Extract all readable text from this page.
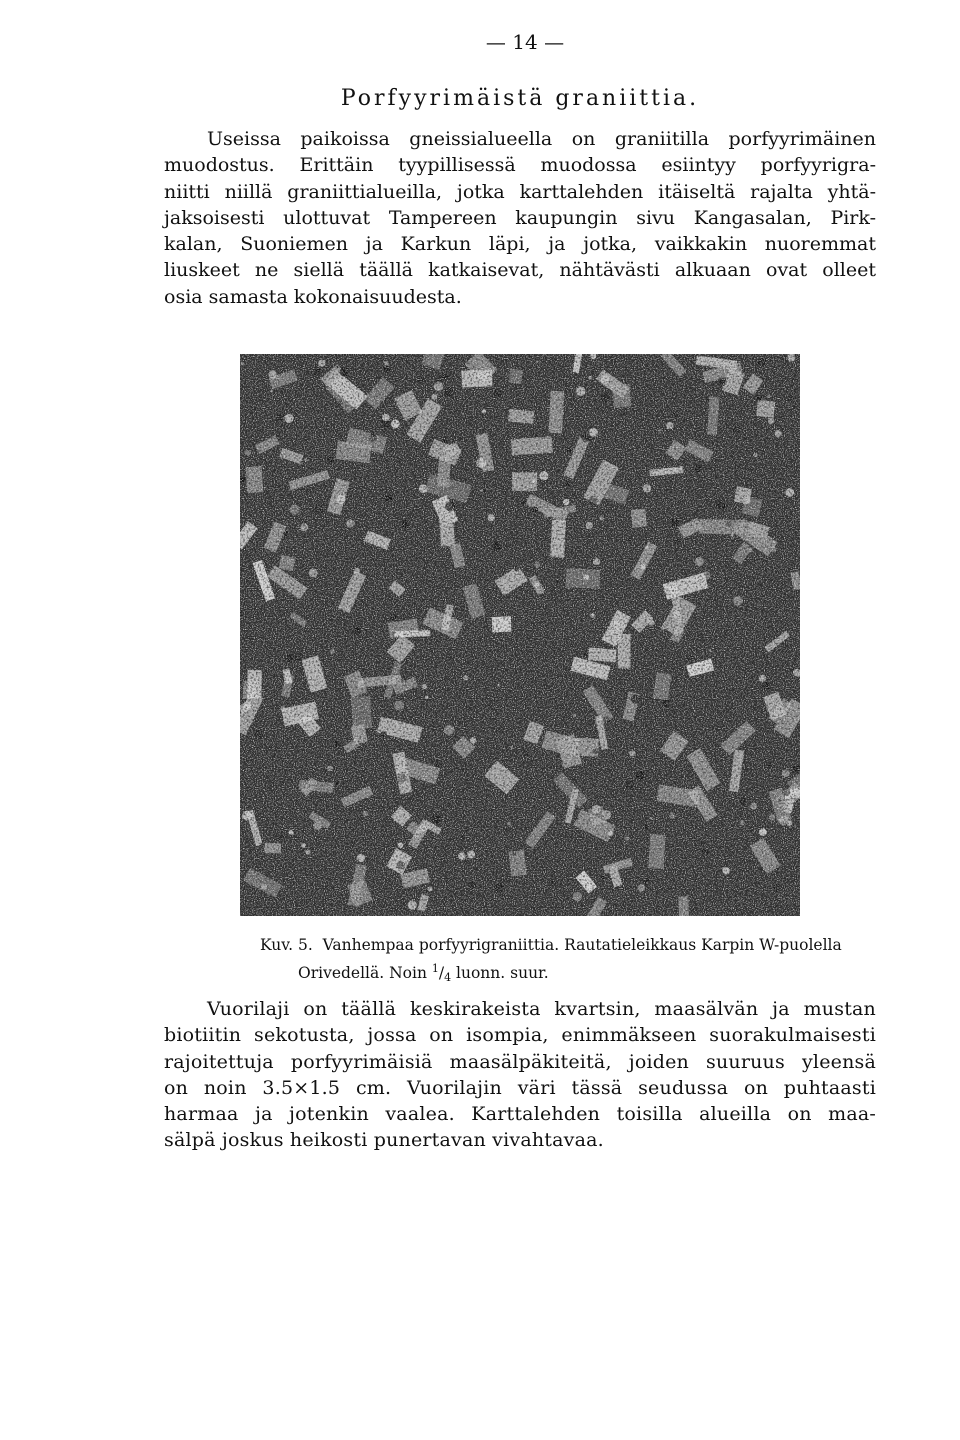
— 14 —
Porfyyrimäistä graniittia.
Useissa paikoissa gneissialueella on graniitilla porfyyrimäinen
muodostus. Erittäin tyypillisessä muodossa esiintyy porfyyrigra-
niitti niillä graniittialueilla, jotka karttalehden itäiseltä rajalta yhtä-
jaksoisesti ulottuvat Tampereen kaupungin sivu Kangasalan, Pirk-
kalan, Suoniemen ja Karkun läpi, ja jotka, vaikkakin nuoremmat
liuskeet ne siellä täällä katkaisevat, nähtävästi alkuaan ovat olleet
osia samasta kokonaisuudesta.
Kuv. 5. Vanhempaa porfyyrigraniittia. Rautatieleikkaus Karpin W-puolella
Orivedellä. Noin $^1$/4 luonn. suur.
Vuorilaji on täällä keskirakeista kvartsin, maasälvän ja mustan
biotiitin sekotusta, jossa on isompia, enimmäkseen suorakulmaisesti
rajoitettuja porfyyrimäisiä maasälpäkiteitä, joiden suuruus yleensä
on noin 3.5×1.5 cm. Vuorilajin väri tässä seudussa on puhtaasti
harmaa ja jotenkin vaalea. Karttalehden toisilla alueilla on maa-
sälpä joskus heikosti punertavan vivahtavaa.
